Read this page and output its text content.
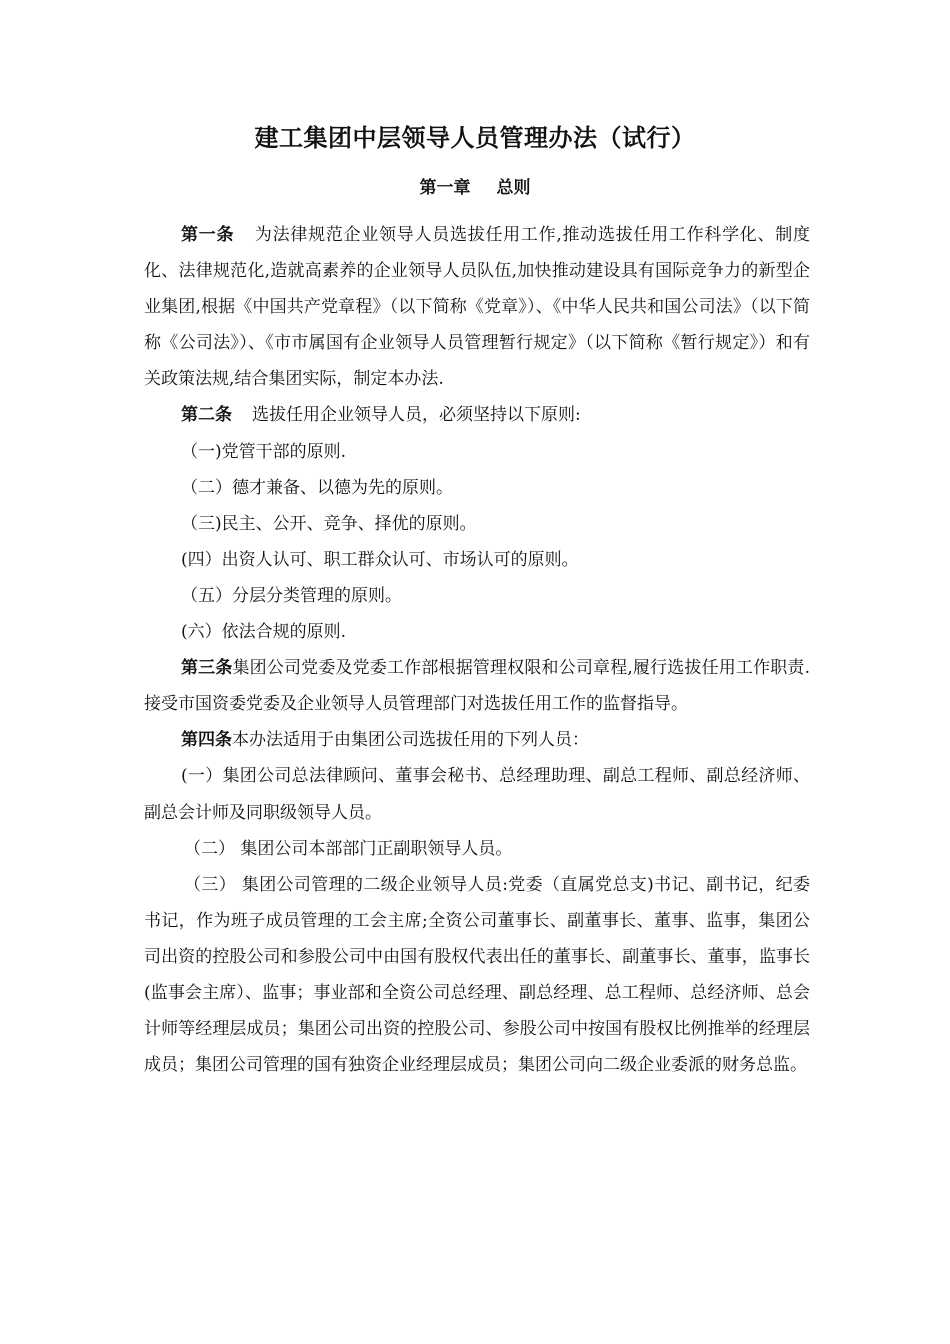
建工集团中层领导人员管理办法（试行）
第一章 总则

第一条 为法律规范企业领导人员选拔任用工作,推动选拔任用工作科学化、制度化、法律规范化,造就高素养的企业领导人员队伍,加快推动建设具有国际竞争力的新型企业集团,根据《中国共产党章程》（以下简称《党章》）、《中华人民共和国公司法》（以下简称《公司法》）、《市市属国有企业领导人员管理暂行规定》（以下简称《暂行规定》）和有关政策法规,结合集团实际，制定本办法.

第二条 选拔任用企业领导人员，必须坚持以下原则:

（一)党管干部的原则.

（二）德才兼备、以德为先的原则。

（三)民主、公开、竞争、择优的原则。

(四）出资人认可、职工群众认可、市场认可的原则。

（五）分层分类管理的原则。

(六）依法合规的原则.

第三条集团公司党委及党委工作部根据管理权限和公司章程,履行选拔任用工作职责.接受市国资委党委及企业领导人员管理部门对选拔任用工作的监督指导。

第四条本办法适用于由集团公司选拔任用的下列人员：

(一）集团公司总法律顾问、董事会秘书、总经理助理、副总工程师、副总经济师、副总会计师及同职级领导人员。

（二） 集团公司本部部门正副职领导人员。

（三） 集团公司管理的二级企业领导人员:党委（直属党总支)书记、副书记，纪委书记，作为班子成员管理的工会主席;全资公司董事长、副董事长、董事、监事，集团公司出资的控股公司和参股公司中由国有股权代表出任的董事长、副董事长、董事，监事长(监事会主席）、监事；事业部和全资公司总经理、副总经理、总工程师、总经济师、总会计师等经理层成员；集团公司出资的控股公司、参股公司中按国有股权比例推举的经理层成员；集团公司管理的国有独资企业经理层成员；集团公司向二级企业委派的财务总监。
